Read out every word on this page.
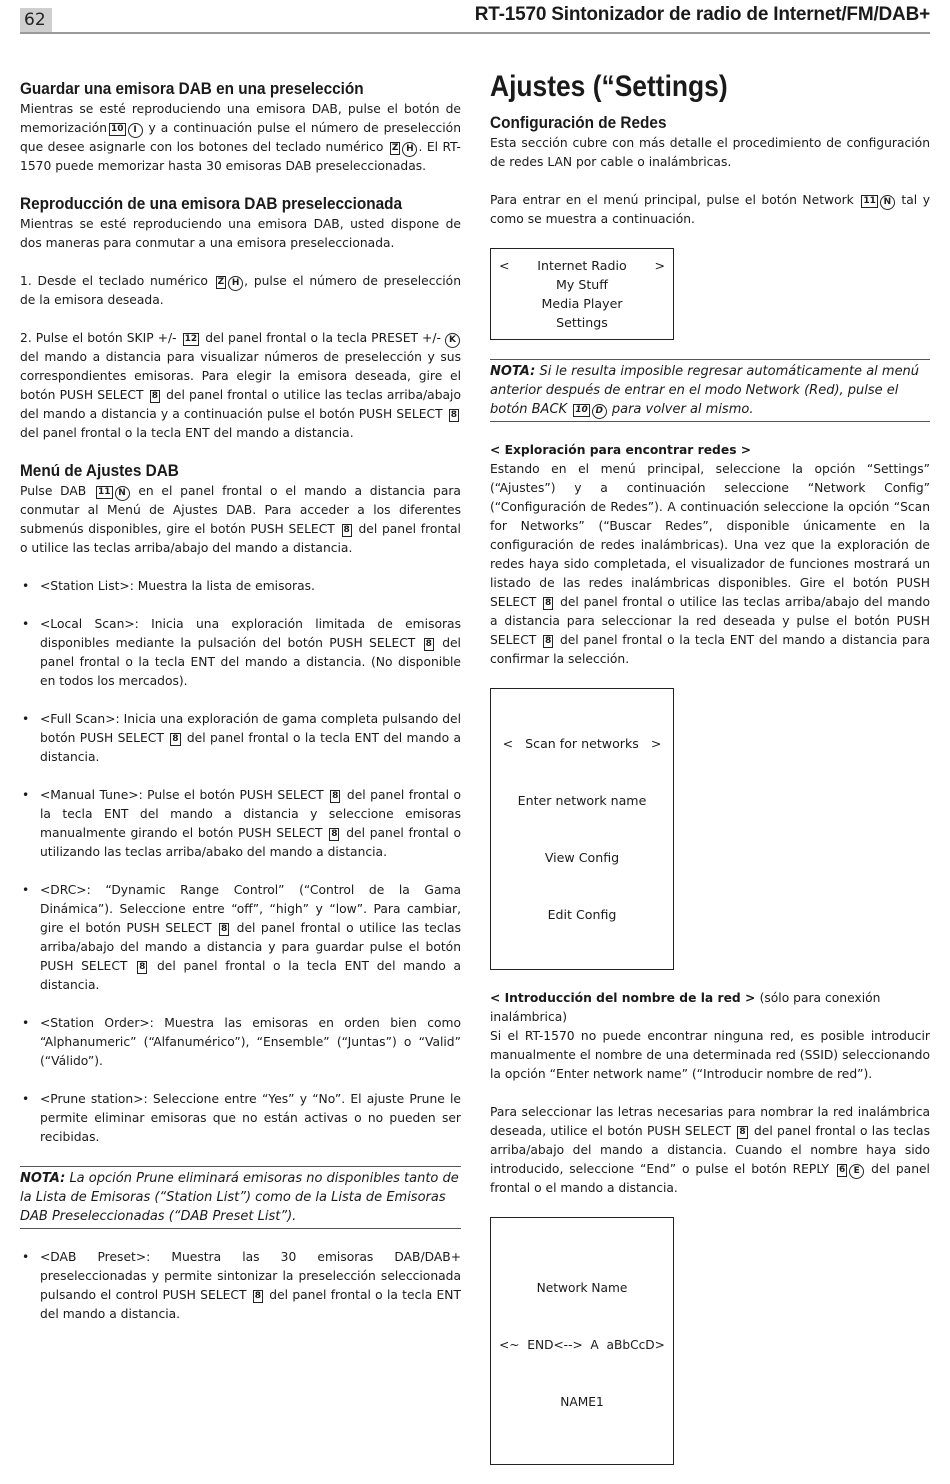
62	RT-1570 Sintonizador de radio de Internet/FM/DAB+
Guardar una emisora DAB en una preselección

Mientras se esté reproduciendo una emisora DAB, pulse el botón de memorización 10 I y a continuación pulse el número de preselección que desee asignarle con los botones del teclado numérico Z H . El RT-1570 puede memorizar hasta 30 emisoras DAB preseleccionadas.

Reproducción de una emisora DAB preseleccionada

Mientras se esté reproduciendo una emisora DAB, usted dispone de dos maneras para conmutar a una emisora preseleccionada.

1. Desde el teclado numérico Z H , pulse el número de preselección de la emisora deseada.

2. Pulse el botón SKIP +/- 12 del panel frontal o la tecla PRESET +/- K del mando a distancia para visualizar números de preselección y sus correspondientes emisoras. Para elegir la emisora deseada, gire el botón PUSH SELECT 8 del panel frontal o utilice las teclas arriba/abajo del mando a distancia y a continuación pulse el botón PUSH SELECT 8 del panel frontal o la tecla ENT del mando a distancia.

Menú de Ajustes DAB

Pulse DAB 11 N en el panel frontal o el mando a distancia para conmutar al Menú de Ajustes DAB. Para acceder a los diferentes submenús disponibles, gire el botón PUSH SELECT 8 del panel frontal o utilice las teclas arriba/abajo del mando a distancia.

• <Station List>: Muestra la lista de emisoras.
• <Local Scan>: Inicia una exploración limitada de emisoras disponibles mediante la pulsación del botón PUSH SELECT 8 del panel frontal o la tecla ENT del mando a distancia. (No disponible en todos los mercados).
• <Full Scan>: Inicia una exploración de gama completa pulsando del botón PUSH SELECT 8 del panel frontal o la tecla ENT del mando a distancia.
• <Manual Tune>: Pulse el botón PUSH SELECT 8 del panel frontal o la tecla ENT del mando a distancia y seleccione emisoras manualmente girando el botón PUSH SELECT 8 del panel frontal o utilizando las teclas arriba/abako del mando a distancia.
• <DRC>: “Dynamic Range Control” (“Control de la Gama Dinámica”). Seleccione entre “off”, “high” y “low”. Para cambiar, gire el botón PUSH SELECT 8 del panel frontal o utilice las teclas arriba/abajo del mando a distancia y para guardar pulse el botón PUSH SELECT 8 del panel frontal o la tecla ENT del mando a distancia.
• <Station Order>: Muestra las emisoras en orden bien como “Alphanumeric” (“Alfanumérico”), “Ensemble” (“Juntas”) o “Valid” (“Válido”).
• <Prune station>: Seleccione entre “Yes” y “No”. El ajuste Prune le permite eliminar emisoras que no están activas o no pueden ser recibidas.
NOTA: La opción Prune eliminará emisoras no disponibles tanto de la Lista de Emisoras (“Station List”) como de la Lista de Emisoras DAB Preseleccionadas (“DAB Preset List”).
• <DAB Preset>: Muestra las 30 emisoras DAB/DAB+ preseleccionadas y permite sintonizar la preselección seleccionada pulsando el control PUSH SELECT 8 del panel frontal o la tecla ENT del mando a distancia.
Ajustes (“Settings)
Configuración de Redes

Esta sección cubre con más detalle el procedimiento de configuración de redes LAN por cable o inalámbricas.

Para entrar en el menú principal, pulse el botón Network 11 N tal y como se muestra a continuación.

< Internet Radio >
My Stuff
Media Player
Settings
NOTA: Si le resulta imposible regresar automáticamente al menú anterior después de entrar en el modo Network (Red), pulse el botón BACK 10 D para volver al mismo.
< Exploración para encontrar redes >

Estando en el menú principal, seleccione la opción “Settings” (“Ajustes”) y a continuación seleccione “Network Config” (“Configuración de Redes”). A continuación seleccione la opción “Scan for Networks” (“Buscar Redes”, disponible únicamente en la configuración de redes inalámbricas). Una vez que la exploración de redes haya sido completada, el visualizador de funciones mostrará un listado de las redes inalámbricas disponibles. Gire el botón PUSH SELECT 8 del panel frontal o utilice las teclas arriba/abajo del mando a distancia para seleccionar la red deseada y pulse el botón PUSH SELECT 8 del panel frontal o la tecla ENT del mando a distancia para confirmar la selección.

<   Scan for networks   >

Enter network name

View Config

Edit Config

< Introducción del nombre de la red > (sólo para conexión inalámbrica)

Si el RT-1570 no puede encontrar ninguna red, es posible introducir manualmente el nombre de una determinada red (SSID) seleccionando la opción “Enter network name” (“Introducir nombre de red”).

Para seleccionar las letras necesarias para nombrar la red inalámbrica deseada, utilice el botón PUSH SELECT 8 del panel frontal o las teclas arriba/abajo del mando a distancia. Cuando el nombre haya sido introducido, seleccione “End” o pulse el botón REPLY 6 E del panel frontal o el mando a distancia.

Network Name

<~  END<-->  A  aBbCcD>

NAME1
